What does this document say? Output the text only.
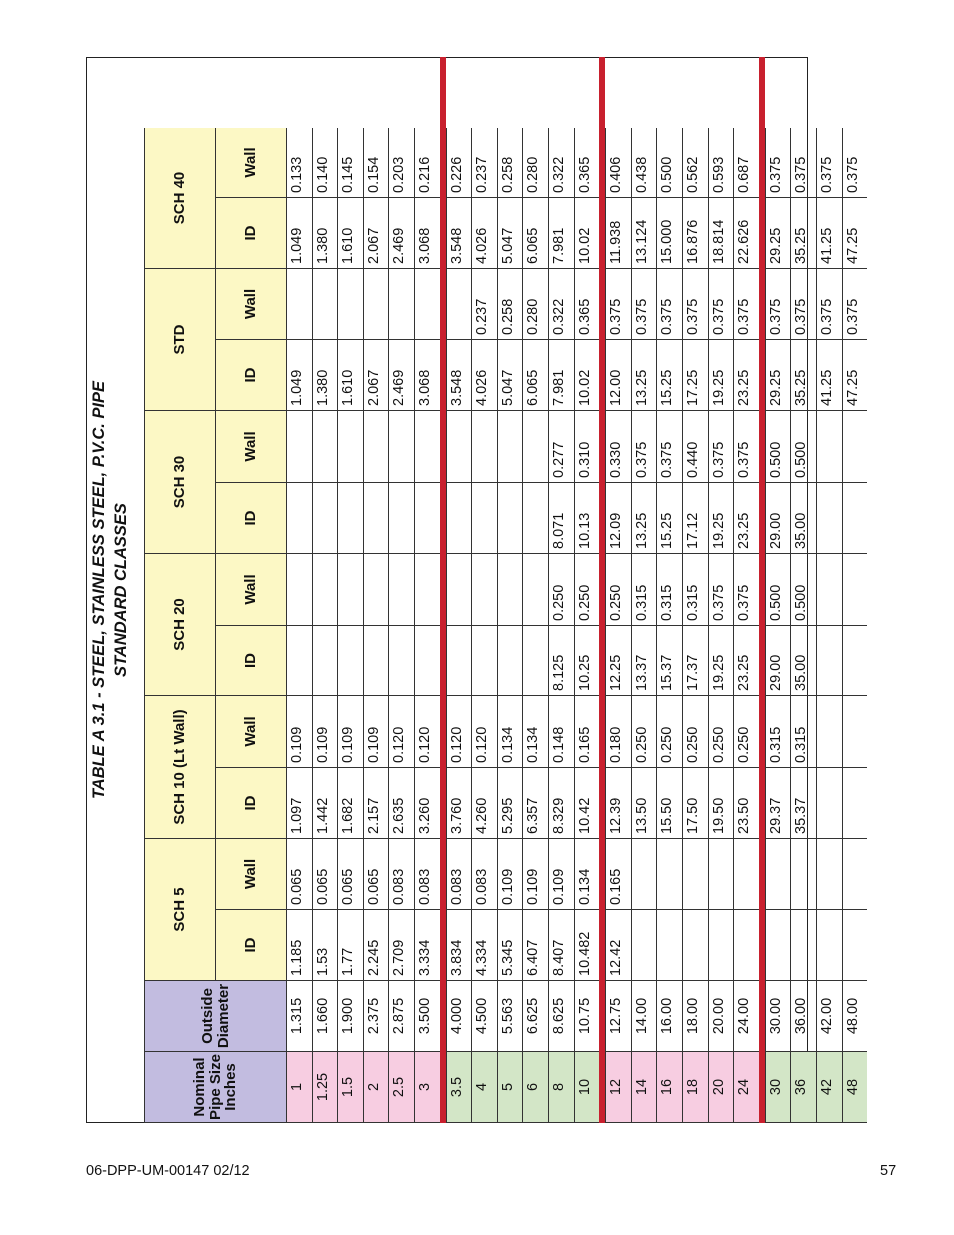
TABLE A 3.1 - STEEL, STAINLESS STEEL, P.V.C. PIPE STANDARD CLASSES

Nominal Pipe Size Inches
Outside Diameter
SCH 5
ID
Wall
SCH 10 (Lt Wall)	ID
Wall
SCH 20
ID
Wall
SCH 30
ID
Wall
STD
ID
Wall
SCH 40
ID
Wall
1
1.315
1.185
0.065
1.097
0.109
1.049
1.049
0.133
1.25
1.660
1.53
0.065
1.442
0.109
1.380
1.380
0.140
1.5
1.900
1.77
0.065
1.682
0.109
1.610
1.610
0.145
2
2.375
2.245
0.065
2.157
0.109
2.067
2.067
0.154
2.5
2.875
2.709
0.083
2.635
0.120
2.469
2.469
0.203
3
3.500
3.334
0.083
3.260
0.120
3.068
3.068
0.216
3.5
4.000
3.834
0.083
3.760
0.120
3.548
3.548
0.226
4
4.500
4.334
0.083
4.260
0.120
4.026
0.237
4.026
0.237
5
5.563
5.345
0.109
5.295
0.134
5.047
0.258
5.047
0.258
6
6.625
6.407
0.109
6.357
0.134
6.065
0.280
6.065
0.280
8
8.625
8.407
0.109
8.329
0.148
8.125
0.250
8.071
0.277
7.981
0.322
7.981
0.322
10
10.75
10.482
0.134
10.42
0.165
10.25
0.250
10.13
0.310
10.02
0.365
10.02
0.365
12
12.75
12.42
0.165
12.39
0.180
12.25
0.250
12.09
0.330
12.00
0.375
11.938
0.406
14
14.00
13.50
0.250
13.37
0.315
13.25
0.375
13.25
0.375
13.124
0.438
16
16.00
15.50
0.250
15.37
0.315
15.25
0.375
15.25
0.375
15.000
0.500
18
18.00
17.50
0.250
17.37
0.315
17.12
0.440
17.25
0.375
16.876
0.562
20
20.00
19.50
0.250
19.25
0.375
19.25
0.375
19.25
0.375
18.814
0.593
24
24.00
23.50
0.250
23.25
0.375
23.25
0.375
23.25
0.375
22.626
0.687
30
30.00
29.37
0.315
29.00
0.500
29.00
0.500
29.25
0.375
29.25
0.375
36
36.00
35.37
0.315
35.00
0.500
35.00
0.500
35.25
0.375
35.25
0.375
42
42.00
41.25
0.375
41.25
0.375
48
48.00
47.25
0.375
47.25
0.375
06-DPP-UM-00147 02/12	57
